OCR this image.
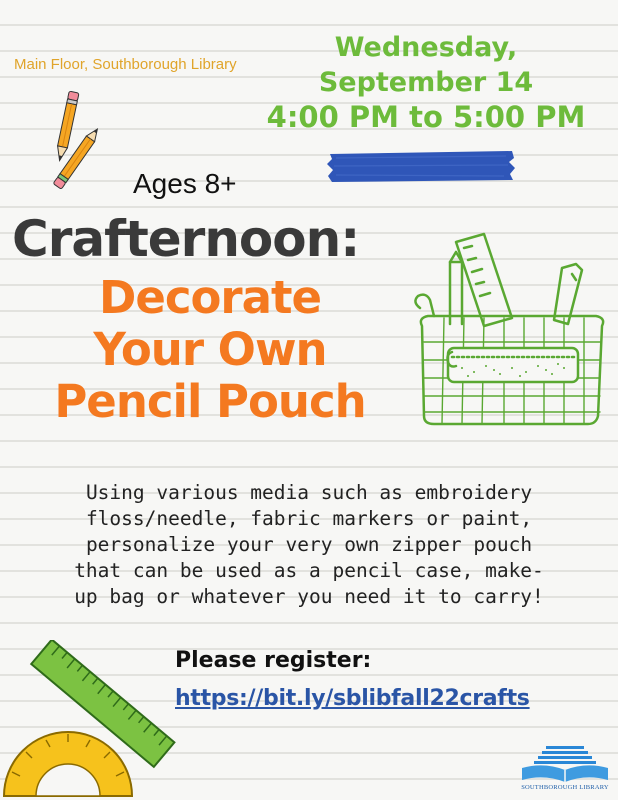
Main Floor, Southborough Library
Wednesday,
September 14
4:00 PM to 5:00 PM
Ages 8+
Crafternoon:
Decorate
Your Own
Pencil Pouch
Using various media such as embroidery
floss/needle, fabric markers or paint,
personalize your very own zipper pouch
that can be used as a pencil case, make-
up bag or whatever you need it to carry!
Please register:
https://bit.ly/sblibfall22crafts
SOUTHBOROUGH LIBRARY
